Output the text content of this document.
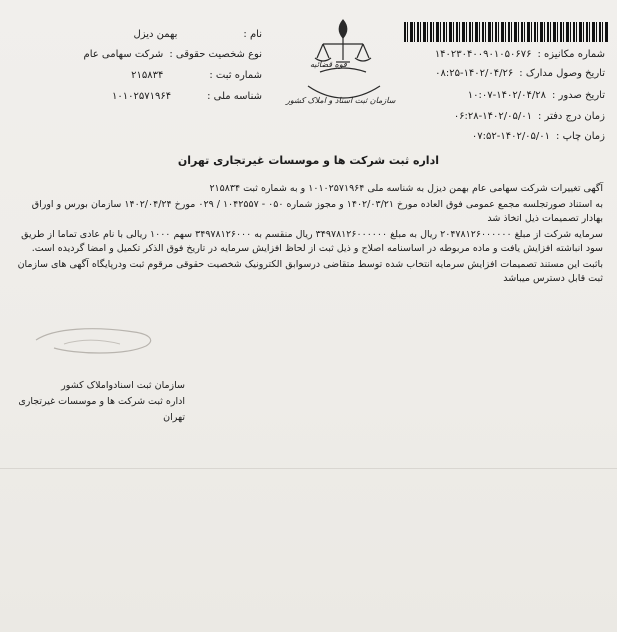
شماره مکانیزه :۱۴۰۲۳۰۴۰۰۹۰۱۰۵۰۶۷۶
تاریخ وصول مدارک :۱۴۰۲/۰۴/۲۶-۰۸:۲۵
تاریخ صدور :۱۴۰۲/۰۴/۲۸-۱۰:۰۷
زمان درج دفتر :۱۴۰۲/۰۵/۰۱-۰۶:۲۸
زمان چاپ :۱۴۰۲/۰۵/۰۱-۰۷:۵۲
قوه قضائیه
سازمان ثبت اسناد و املاک کشور
نام :بهمن دیزل
نوع شخصیت حقوقی :شرکت سهامی عام
شماره ثبت :۲۱۵۸۳۴
شناسه ملی :۱۰۱۰۲۵۷۱۹۶۴
اداره ثبت شرکت ها و موسسات غیرتجاری تهران

آگهی تغییرات شرکت سهامی عام بهمن دیزل به شناسه ملی ۱۰۱۰۲۵۷۱۹۶۴ و به شماره ثبت ۲۱۵۸۳۴

به استناد صورتجلسه مجمع عمومی فوق العاده مورخ ۱۴۰۲/۰۳/۲۱ و مجوز شماره ۰۵۰ - ۱۰۴۲۵۵۷ / ۰۲۹ مورخ ۱۴۰۲/۰۴/۲۴ سازمان بورس و اوراق بهادار تصمیمات ذیل اتخاذ شد

سرمایه شرکت از مبلغ ۲۰۴۷۸۱۲۶۰۰۰۰۰۰ ریال به مبلغ ۳۴۹۷۸۱۲۶۰۰۰۰۰۰ ریال منقسم به ۳۴۹۷۸۱۲۶۰۰۰ سهم ۱۰۰۰ ریالی با نام عادی تماما از طریق سود انباشته افزایش یافت و ماده مربوطه در اساسنامه اصلاح و ذیل ثبت از لحاظ افزایش سرمایه در تاریخ فوق الذکر تکمیل و امضا گردیده است.

باثبت این مستند تصمیمات افزایش سرمایه انتخاب شده توسط متقاضی درسوابق الکترونیک شخصیت حقوقی مرقوم ثبت ودرپایگاه آگهی های سازمان ثبت قابل دسترس میباشد

سازمان ثبت اسنادواملاک کشور
اداره ثبت شرکت ها و موسسات غیرتجاری تهران
